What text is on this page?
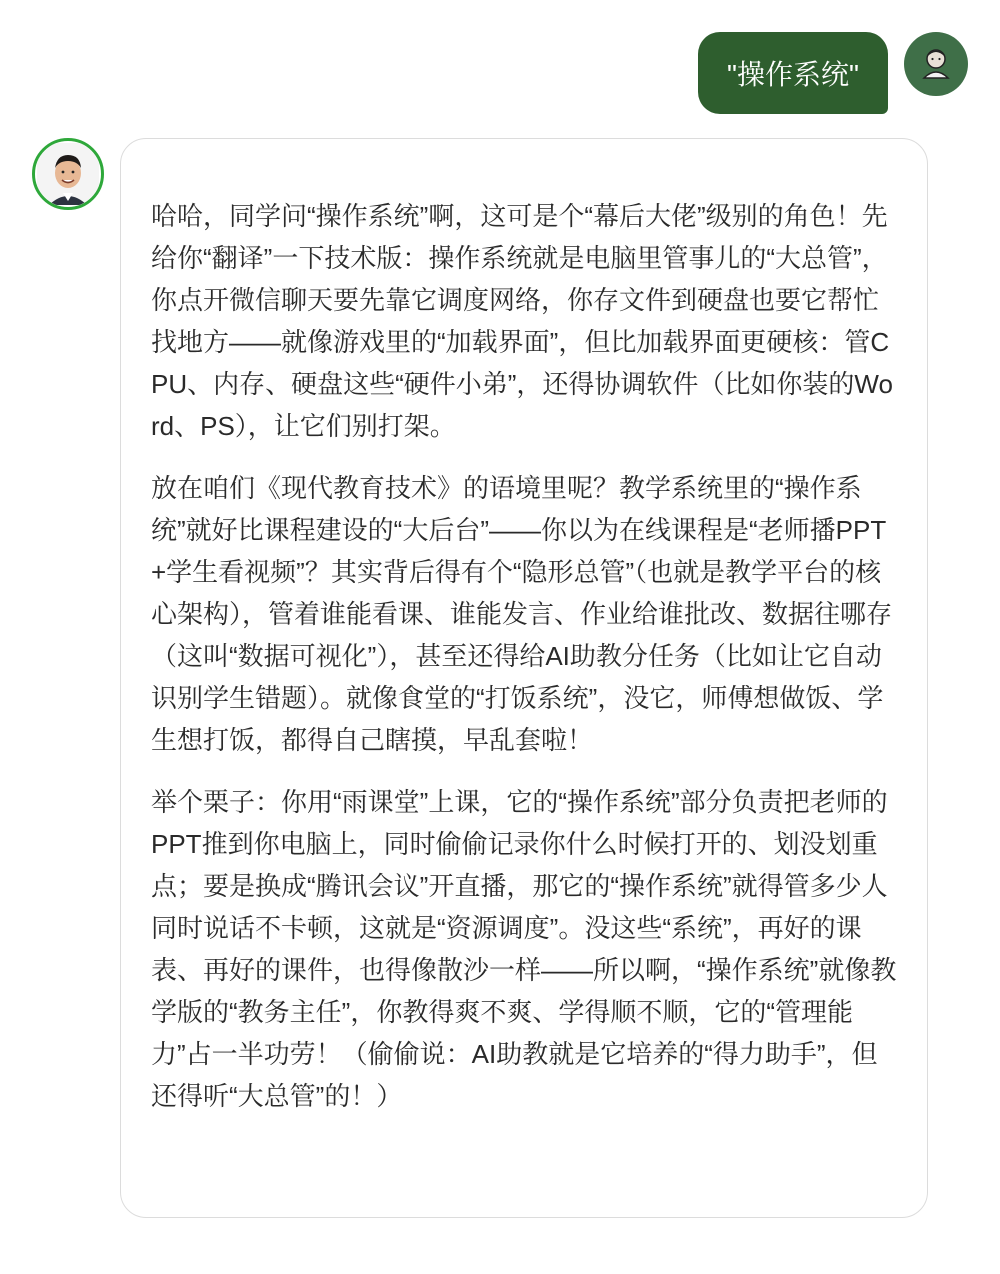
"操作系统"

哈哈，同学问“操作系统”啊，这可是个“幕后大佬”级别的角色！先给你“翻译”一下技术版：操作系统就是电脑里管事儿的“大总管”，你点开微信聊天要先靠它调度网络，你存文件到硬盘也要它帮忙找地方——就像游戏里的“加载界面”，但比加载界面更硬核：管CPU、内存、硬盘这些“硬件小弟”，还得协调软件（比如你装的Word、PS），让它们别打架。

放在咱们《现代教育技术》的语境里呢？教学系统里的“操作系统”就好比课程建设的“大后台”——你以为在线课程是“老师播PPT+学生看视频”？其实背后得有个“隐形总管”（也就是教学平台的核心架构），管着谁能看课、谁能发言、作业给谁批改、数据往哪存（这叫“数据可视化”），甚至还得给AI助教分任务（比如让它自动识别学生错题）。就像食堂的“打饭系统”，没它，师傅想做饭、学生想打饭，都得自己瞎摸，早乱套啦！

举个栗子：你用“雨课堂”上课，它的“操作系统”部分负责把老师的PPT推到你电脑上，同时偷偷记录你什么时候打开的、划没划重点；要是换成“腾讯会议”开直播，那它的“操作系统”就得管多少人同时说话不卡顿，这就是“资源调度”。没这些“系统”，再好的课表、再好的课件，也得像散沙一样——所以啊，“操作系统”就像教学版的“教务主任”，你教得爽不爽、学得顺不顺，它的“管理能力”占一半功劳！（偷偷说：AI助教就是它培养的“得力助手”，但还得听“大总管”的！）
